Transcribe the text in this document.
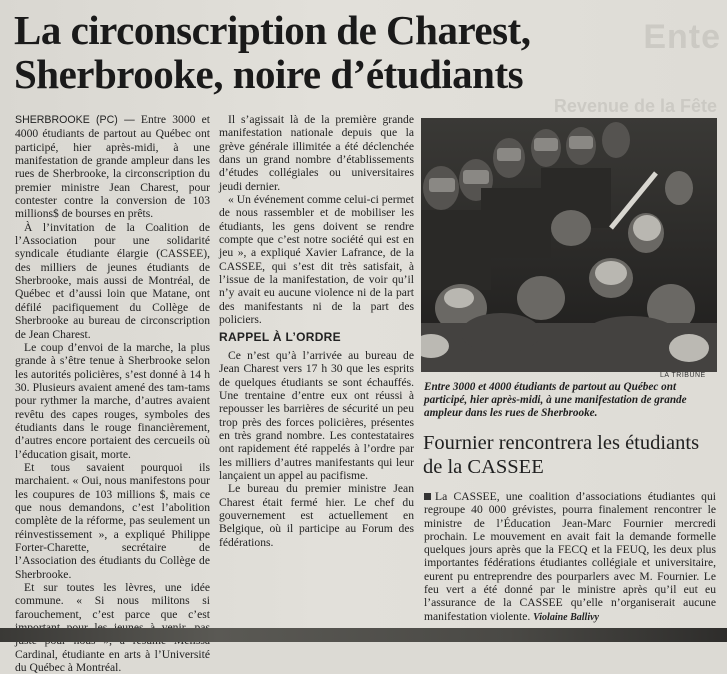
Ente
Revenue de la Fête
La circonscription de Charest, Sherbrooke, noire d’étudiants

SHERBROOKE (PC) — Entre 3000 et 4000 étudiants de partout au Québec ont participé, hier après-midi, à une manifestation de grande ampleur dans les rues de Sherbrooke, la circonscription du premier ministre Jean Charest, pour contester contre la conversion de 103 millions$ de bourses en prêts.

À l’invitation de la Coalition de l’Association pour une solidarité syndicale étudiante élargie (CASSEE), des milliers de jeunes étudiants de Sherbrooke, mais aussi de Montréal, de Québec et d’aussi loin que Matane, ont défilé pacifiquement du Collège de Sherbrooke au bureau de circonscription de Jean Charest.

Le coup d’envoi de la marche, la plus grande à s’être tenue à Sherbrooke selon les autorités policières, s’est donné à 14 h 30. Plusieurs avaient amené des tam-tams pour rythmer la marche, d’autres avaient revêtu des capes rouges, symboles des étudiants dans le rouge financièrement, d’autres encore portaient des cercueils où l’éducation gisait, morte.

Et tous savaient pourquoi ils marchaient. « Oui, nous manifestons pour les coupures de 103 millions $, mais ce que nous demandons, c’est l’abolition complète de la réforme, pas seulement un réinvestissement », a expliqué Philippe Forter-Charette, secrétaire de l’Association des étudiants du Collège de Sherbrooke.

Et sur toutes les lèvres, une idée commune. « Si nous militons si farouchement, c’est parce que c’est Cardinal, étudiante en arts à l’Université du Québec à Montréal.

Il s’agissait là de la première grande manifestation nationale depuis que la grève générale illimitée a été déclenchée dans un grand nombre d’établissements d’études collégiales ou universitaires jeudi dernier.

« Un événement comme celui-ci permet de nous rassembler et de mobiliser les étudiants, les gens doivent se rendre compte que c’est notre société qui est en jeu », a expliqué Xavier Lafrance, de la CASSEE, qui s’est dit très satisfait, à l’issue de la manifestation, de voir qu’il n’y avait eu aucune violence ni de la part des manifestants ni de la part des policiers.

RAPPEL À L’ORDRE

Ce n’est qu’à l’arrivée au bureau de Jean Charest vers 17 h 30 que les esprits de quelques étudiants se sont échauffés. Une trentaine d’entre eux ont réussi à repousser les barrières de sécurité un peu trop près des forces policières, présentes en très grand nombre. Les contestataires ont rapidement été rappelés à l’ordre par les milliers d’autres manifestants qui leur lançaient un appel au pacifisme.

Le bureau du premier ministre Jean Charest était fermé hier. Le chef du gouvernement est actuellement en Belgique, où il participe au Forum des fédérations.

LA TRIBUNE

Entre 3000 et 4000 étudiants de partout au Québec ont participé, hier après-midi, à une manifestation de grande ampleur dans les rues de Sherbrooke.

Fournier rencontrera les étudiants de la CASSEE

La CASSEE, une coalition d’associations étudiantes qui regroupe 40 000 grévistes, pourra finalement rencontrer le ministre de l’Éducation Jean-Marc Fournier mercredi prochain. Le mouvement en avait fait la demande formelle quelques jours après que la FECQ et la FEUQ, les deux plus importantes fédérations étudiantes collégiale et universitaire, eurent pu entreprendre des pourparlers avec M. Fournier. Le feu vert a été donné par le ministre après qu’il eut eu l’assurance de la CASSEE qu’elle n’organiserait aucune manifestation violente. Violaine Ballivy
